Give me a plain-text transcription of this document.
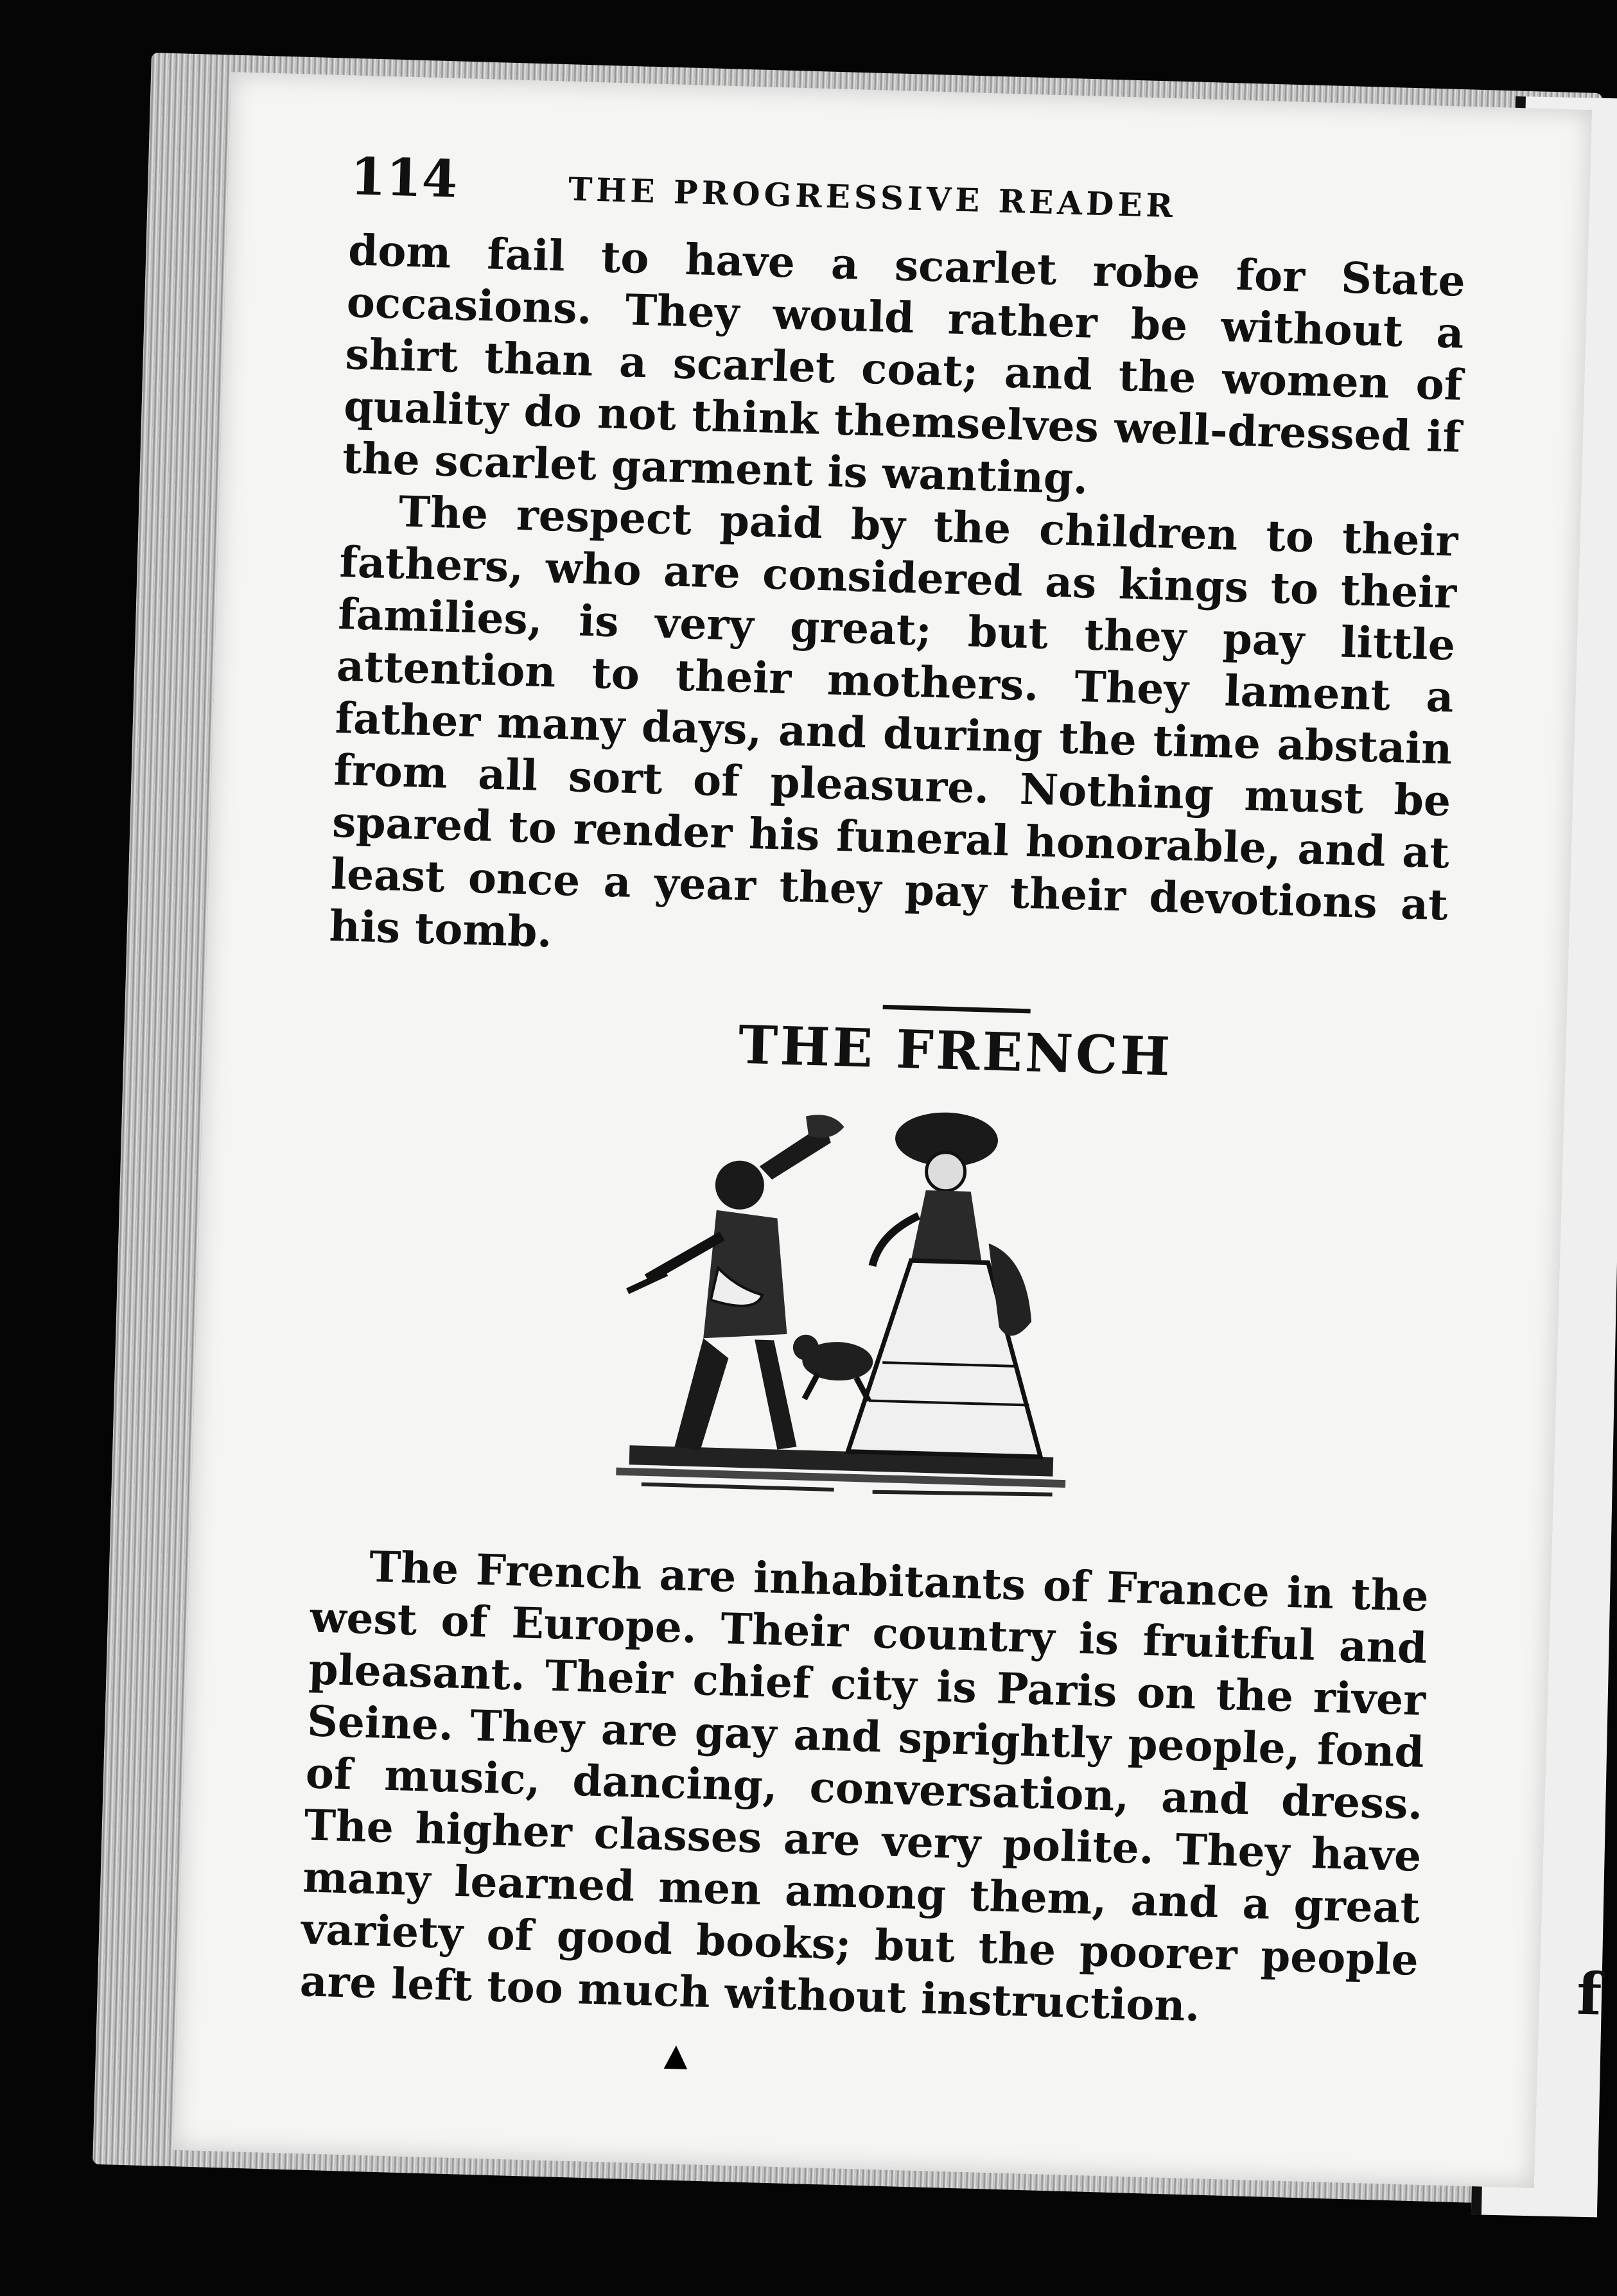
f
114	THE PROGRESSIVE READER

dom fail to have a scarlet robe for State occasions. They would rather be without a shirt than a scarlet coat; and the women of quality do not think themselves well-dressed if the scarlet garment is wanting.

The respect paid by the children to their fathers, who are considered as kings to their families, is very great; but they pay little attention to their mothers. They lament a father many days, and during the time abstain from all sort of pleasure. Nothing must be spared to render his funeral honorable, and at least once a year they pay their devotions at his tomb.

THE FRENCH

The French are inhabitants of France in the west of Europe. Their country is fruitful and pleasant. Their chief city is Paris on the river Seine. They are gay and sprightly people, fond of music, dancing, conversation, and dress. The higher classes are very polite. They have many learned men among them, and a great variety of good books; but the poorer people are left too much without instruction.

▲
